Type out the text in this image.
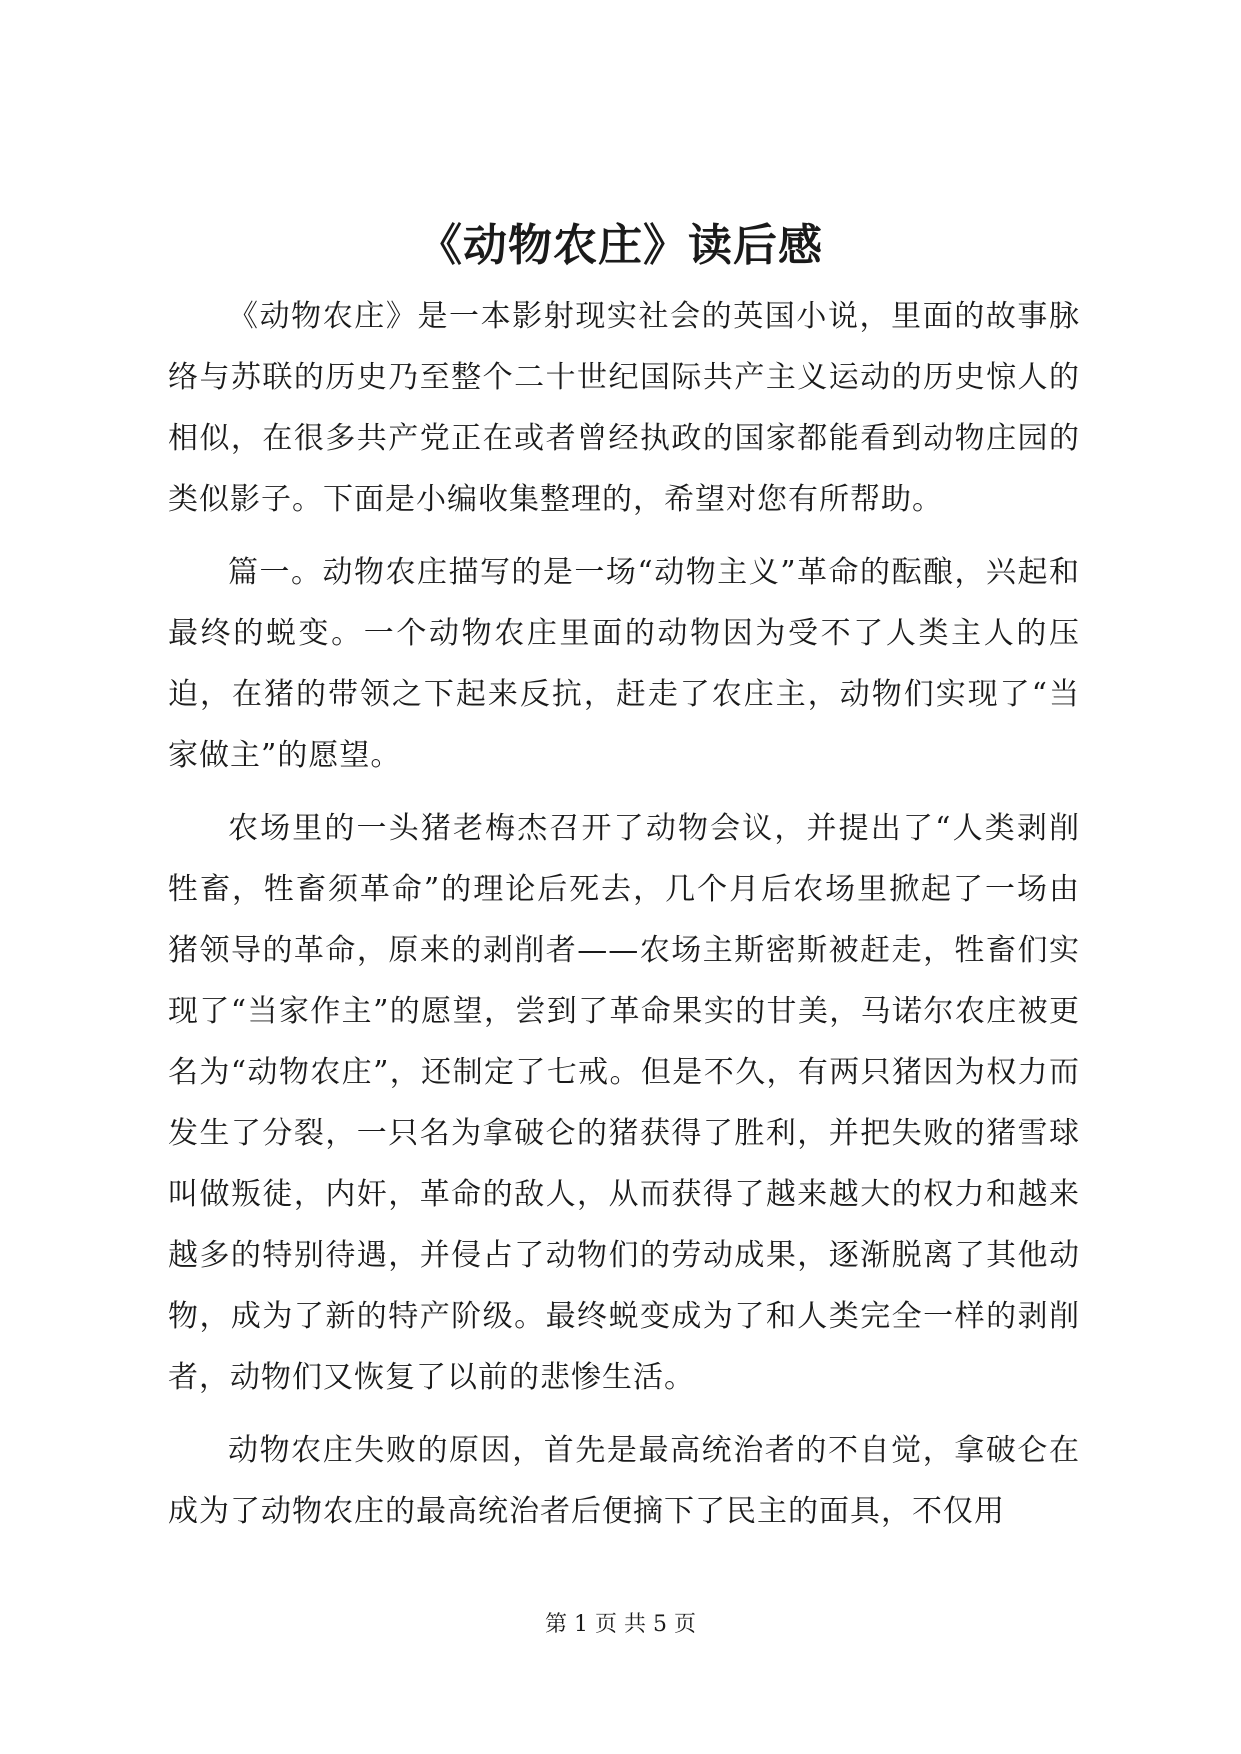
《动物农庄》读后感

《动物农庄》是一本影射现实社会的英国小说，里面的故事脉络与苏联的历史乃至整个二十世纪国际共产主义运动的历史惊人的相似，在很多共产党正在或者曾经执政的国家都能看到动物庄园的类似影子。下面是小编收集整理的，希望对您有所帮助。

篇一。动物农庄描写的是一场“动物主义”革命的酝酿，兴起和最终的蜕变。一个动物农庄里面的动物因为受不了人类主人的压迫，在猪的带领之下起来反抗，赶走了农庄主，动物们实现了“当家做主”的愿望。

农场里的一头猪老梅杰召开了动物会议，并提出了“人类剥削牲畜，牲畜须革命”的理论后死去，几个月后农场里掀起了一场由猪领导的革命，原来的剥削者——农场主斯密斯被赶走，牲畜们实现了“当家作主”的愿望，尝到了革命果实的甘美，马诺尔农庄被更名为“动物农庄”，还制定了七戒。但是不久，有两只猪因为权力而发生了分裂，一只名为拿破仑的猪获得了胜利，并把失败的猪雪球叫做叛徒，内奸，革命的敌人，从而获得了越来越大的权力和越来越多的特别待遇，并侵占了动物们的劳动成果，逐渐脱离了其他动物，成为了新的特产阶级。最终蜕变成为了和人类完全一样的剥削者，动物们又恢复了以前的悲惨生活。

动物农庄失败的原因，首先是最高统治者的不自觉，拿破仑在成为了动物农庄的最高统治者后便摘下了民主的面具，不仅用

第 1 页 共 5 页
